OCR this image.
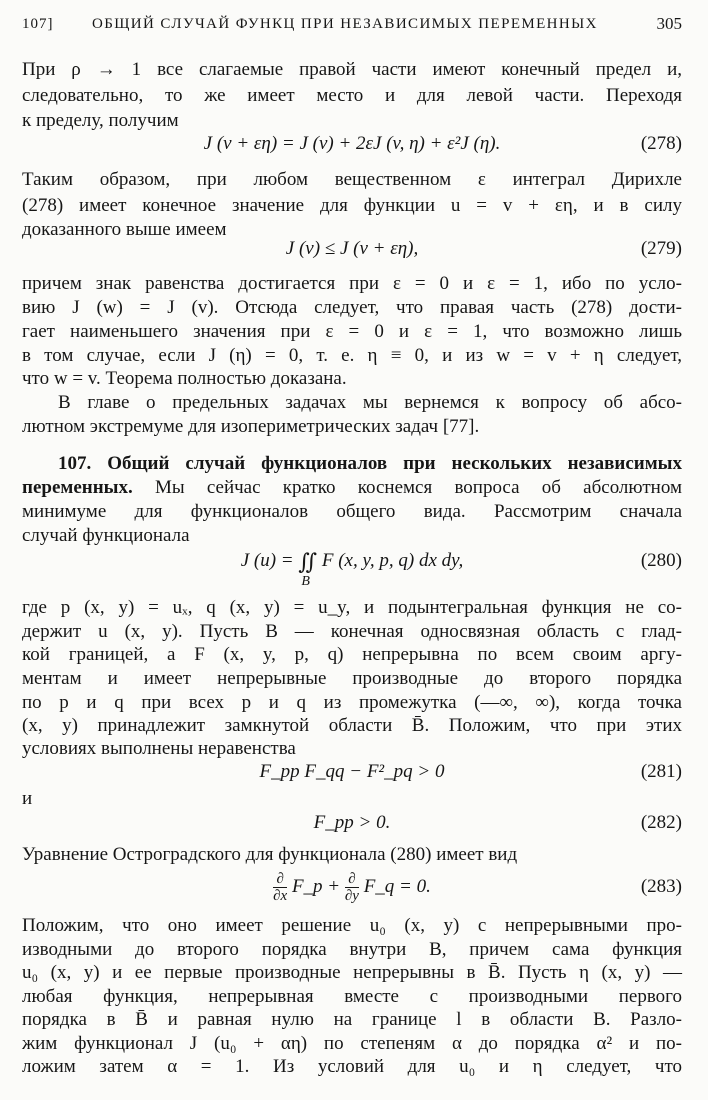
107]	ОБЩИЙ СЛУЧАЙ ФУНКЦ ПРИ НЕЗАВИСИМЫХ ПЕРЕМЕННЫХ	305
При ρ → 1 все слагаемые правой части имеют конечный предел и,
следовательно, то же имеет место и для левой части. Переходя
к пределу, получим
J (v + εη) = J (v) + 2εJ (v, η) + ε²J (η).	(278)
Таким образом, при любом вещественном ε интеграл Дирихле
(278) имеет конечное значение для функции u = v + εη, и в силу
доказанного выше имеем
J (v) ≤ J (v + εη),	(279)
причем знак равенства достигается при ε = 0 и ε = 1, ибо по усло-
вию J (w) = J (v). Отсюда следует, что правая часть (278) дости-
гает наименьшего значения при ε = 0 и ε = 1, что возможно лишь
в том случае, если J (η) = 0, т. е. η ≡ 0, и из w = v + η следует,
что w = v. Теорема полностью доказана.
В главе о предельных задачах мы вернемся к вопросу об абсо-
лютном экстремуме для изопериметрических задач [77].
107. Общий случай функционалов при нескольких независимых
переменных. Мы сейчас кратко коснемся вопроса об абсолютном
минимуме для функционалов общего вида. Рассмотрим сначала
случай функционала
J (u) = ∬
B
F (x, y, p, q) dx dy,	(280)
где p (x, y) = uₓ, q (x, y) = u_y, и подынтегральная функция не со-
держит u (x, y). Пусть B — конечная односвязная область с глад-
кой границей, а F (x, y, p, q) непрерывна по всем своим аргу-
ментам и имеет непрерывные производные до второго порядка
по p и q при всех p и q из промежутка (—∞, ∞), когда точка
(x, y) принадлежит замкнутой области B̄. Положим, что при этих
условиях выполнены неравенства
F_pp F_qq − F²_pq > 0	(281)
и
F_pp > 0.	(282)
Уравнение Остроградского для функционала (280) имеет вид
$\frac{\partial}{\partial x}$ F_p + $\frac{\partial}{\partial y}$ F_q = 0.	(283)
Положим, что оно имеет решение u₀ (x, y) с непрерывными про-
изводными до второго порядка внутри B, причем сама функция
u₀ (x, y) и ее первые производные непрерывны в B̄. Пусть η (x, y) —
любая функция, непрерывная вместе с производными первого
порядка в B̄ и равная нулю на границе l в области B. Разло-
жим функционал J (u₀ + αη) по степеням α до порядка α² и по-
ложим затем α = 1. Из условий для u₀ и η следует, что
